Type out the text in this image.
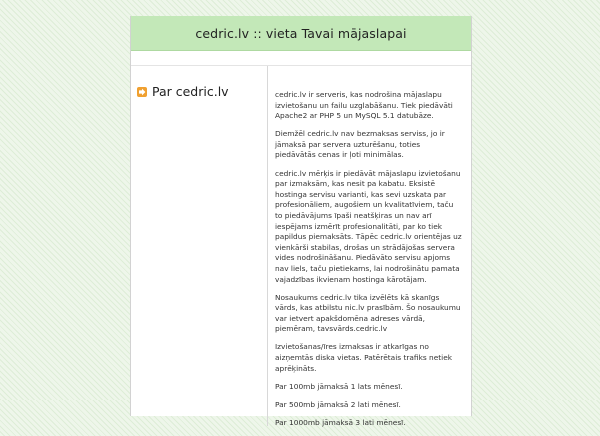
cedric.lv :: vieta Tavai mājaslapai
Par cedric.lv	cedric.lv ir serveris, kas nodrošina mājaslapu izvietošanu un failu uzglabāšanu. Tiek piedāvāti Apache2 ar PHP 5 un MySQL 5.1 datubāze.

Diemžēl cedric.lv nav bezmaksas serviss, jo ir jāmaksā par servera uzturēšanu, toties piedāvātās cenas ir ļoti minimālas.

cedric.lv mērķis ir piedāvāt mājaslapu izvietošanu par izmaksām, kas nesit pa kabatu. Eksistē hostinga servisu varianti, kas sevi uzskata par profesionāliem, augošiem un kvalitatīviem, taču to piedāvājums īpaši neatšķiras un nav arī iespējams izmērīt profesionalitāti, par ko tiek papildus piemaksāts. Tāpēc cedric.lv orientējas uz vienkārši stabilas, drošas un strādājošas servera vides nodrošināšanu. Piedāvāto servisu apjoms nav liels, taču pietiekams, lai nodrošinātu pamata vajadzības ikvienam hostinga kārotājam.

Nosaukums cedric.lv tika izvēlēts kā skanīgs vārds, kas atbilstu nic.lv prasībām. Šo nosaukumu var ietvert apakšdomēna adreses vārdā, piemēram, tavsvārds.cedric.lv

Izvietošanas/īres izmaksas ir atkarīgas no aizņemtās diska vietas. Patērētais trafiks netiek aprēķināts.

Par 100mb jāmaksā 1 lats mēnesī.

Par 500mb jāmaksā 2 lati mēnesī.

Par 1000mb jāmaksā 3 lati mēnesī.
